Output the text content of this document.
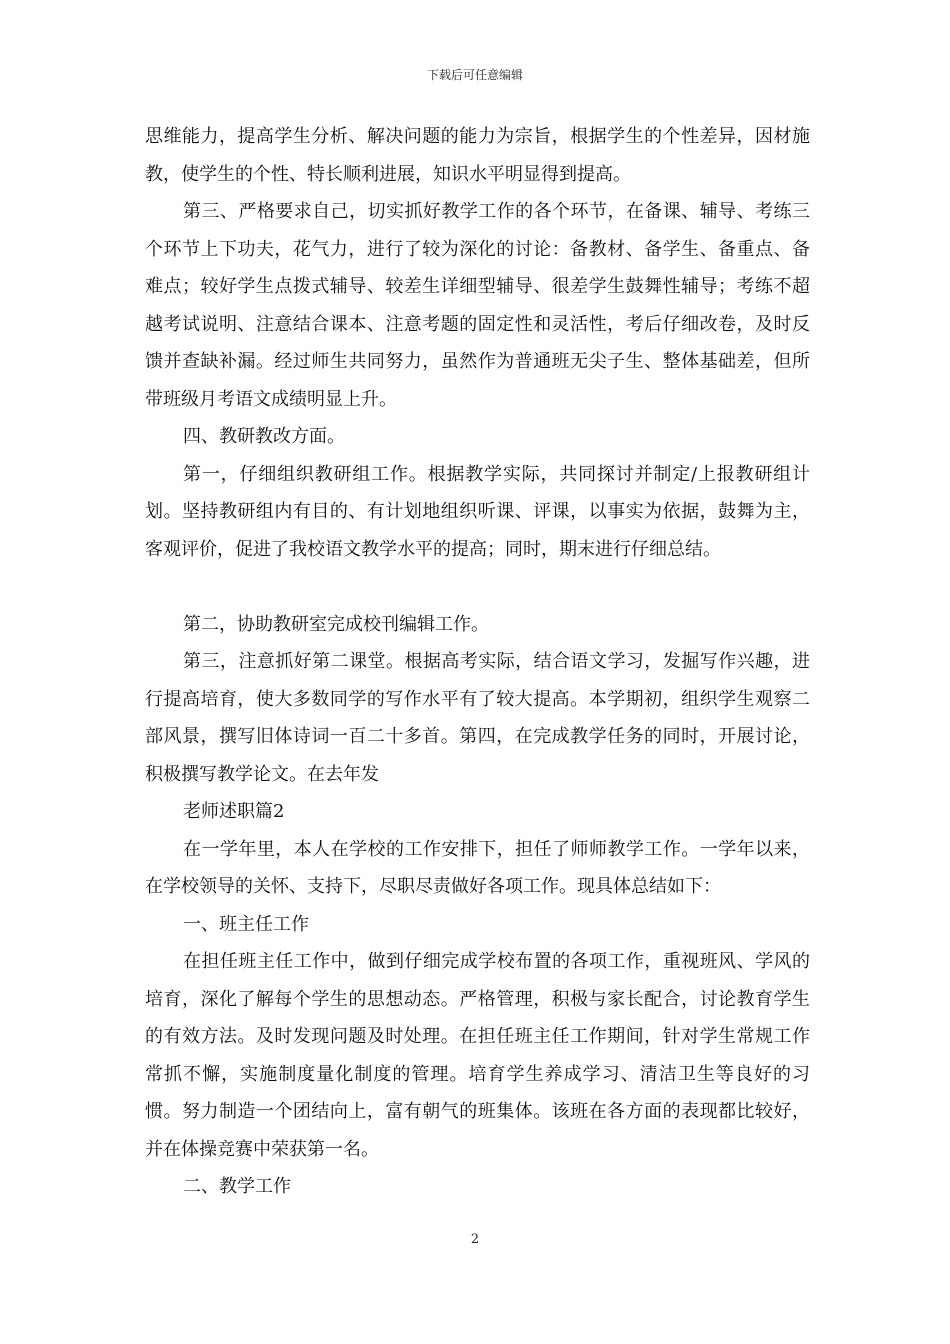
下载后可任意编辑

思维能力，提高学生分析、解决问题的能力为宗旨，根据学生的个性差异，因材施教，使学生的个性、特长顺利进展，知识水平明显得到提高。

第三、严格要求自己，切实抓好教学工作的各个环节，在备课、辅导、考练三个环节上下功夫，花气力，进行了较为深化的讨论：备教材、备学生、备重点、备难点；较好学生点拨式辅导、较差生详细型辅导、很差学生鼓舞性辅导；考练不超越考试说明、注意结合课本、注意考题的固定性和灵活性，考后仔细改卷，及时反馈并查缺补漏。经过师生共同努力，虽然作为普通班无尖子生、整体基础差，但所带班级月考语文成绩明显上升。

四、教研教改方面。

第一，仔细组织教研组工作。根据教学实际，共同探讨并制定/上报教研组计划。坚持教研组内有目的、有计划地组织听课、评课，以事实为依据，鼓舞为主，客观评价，促进了我校语文教学水平的提高；同时，期末进行仔细总结。

第二，协助教研室完成校刊编辑工作。

第三，注意抓好第二课堂。根据高考实际，结合语文学习，发掘写作兴趣，进行提高培育，使大多数同学的写作水平有了较大提高。本学期初，组织学生观察二部风景，撰写旧体诗词一百二十多首。第四，在完成教学任务的同时，开展讨论，积极撰写教学论文。在去年发

老师述职篇2

在一学年里，本人在学校的工作安排下，担任了师师教学工作。一学年以来，在学校领导的关怀、支持下，尽职尽责做好各项工作。现具体总结如下：

一、班主任工作

在担任班主任工作中，做到仔细完成学校布置的各项工作，重视班风、学风的培育，深化了解每个学生的思想动态。严格管理，积极与家长配合，讨论教育学生的有效方法。及时发现问题及时处理。在担任班主任工作期间，针对学生常规工作常抓不懈，实施制度量化制度的管理。培育学生养成学习、清洁卫生等良好的习惯。努力制造一个团结向上，富有朝气的班集体。该班在各方面的表现都比较好，并在体操竞赛中荣获第一名。

二、教学工作

2
